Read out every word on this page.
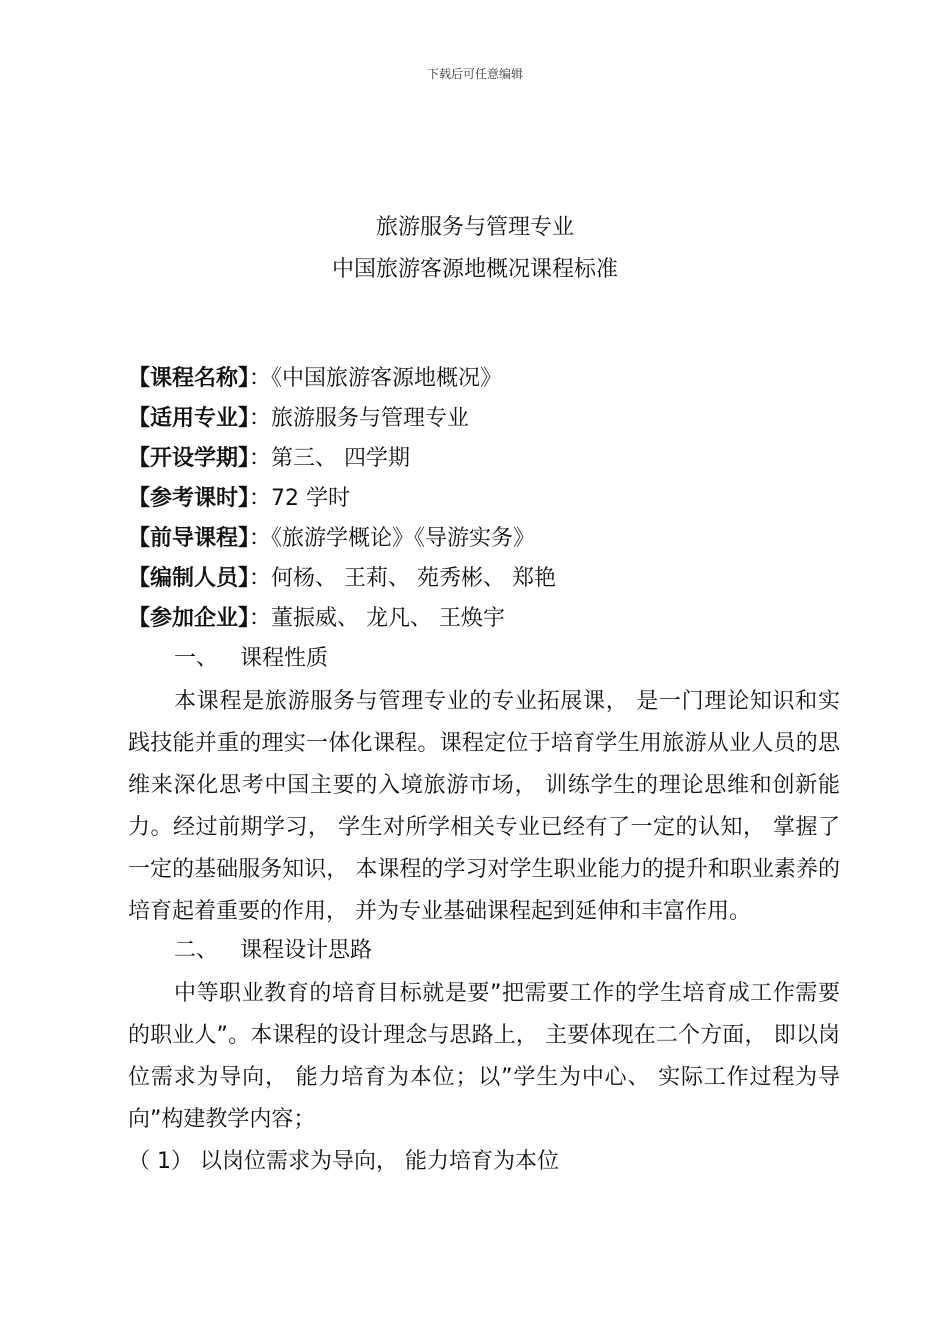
下载后可任意编辑
旅游服务与管理专业
中国旅游客源地概况课程标准
【课程名称】：《中国旅游客源地概况》
【适用专业】：旅游服务与管理专业
【开设学期】：第三、 四学期
【参考课时】：72 学时
【前导课程】：《旅游学概论》《导游实务》
【编制人员】：何杨、 王莉、 苑秀彬、 郑艳
【参加企业】：董振威、 龙凡、 王焕宇
一、 课程性质

本课程是旅游服务与管理专业的专业拓展课， 是一门理论知识和实践技能并重的理实一体化课程。课程定位于培育学生用旅游从业人员的思维来深化思考中国主要的入境旅游市场， 训练学生的理论思维和创新能力。经过前期学习， 学生对所学相关专业已经有了一定的认知， 掌握了一定的基础服务知识， 本课程的学习对学生职业能力的提升和职业素养的培育起着重要的作用， 并为专业基础课程起到延伸和丰富作用。

二、 课程设计思路

中等职业教育的培育目标就是要”把需要工作的学生培育成工作需要的职业人”。本课程的设计理念与思路上， 主要体现在二个方面， 即以岗位需求为导向， 能力培育为本位；以”学生为中心、 实际工作过程为导向”构建教学内容；

（ 1） 以岗位需求为导向， 能力培育为本位
